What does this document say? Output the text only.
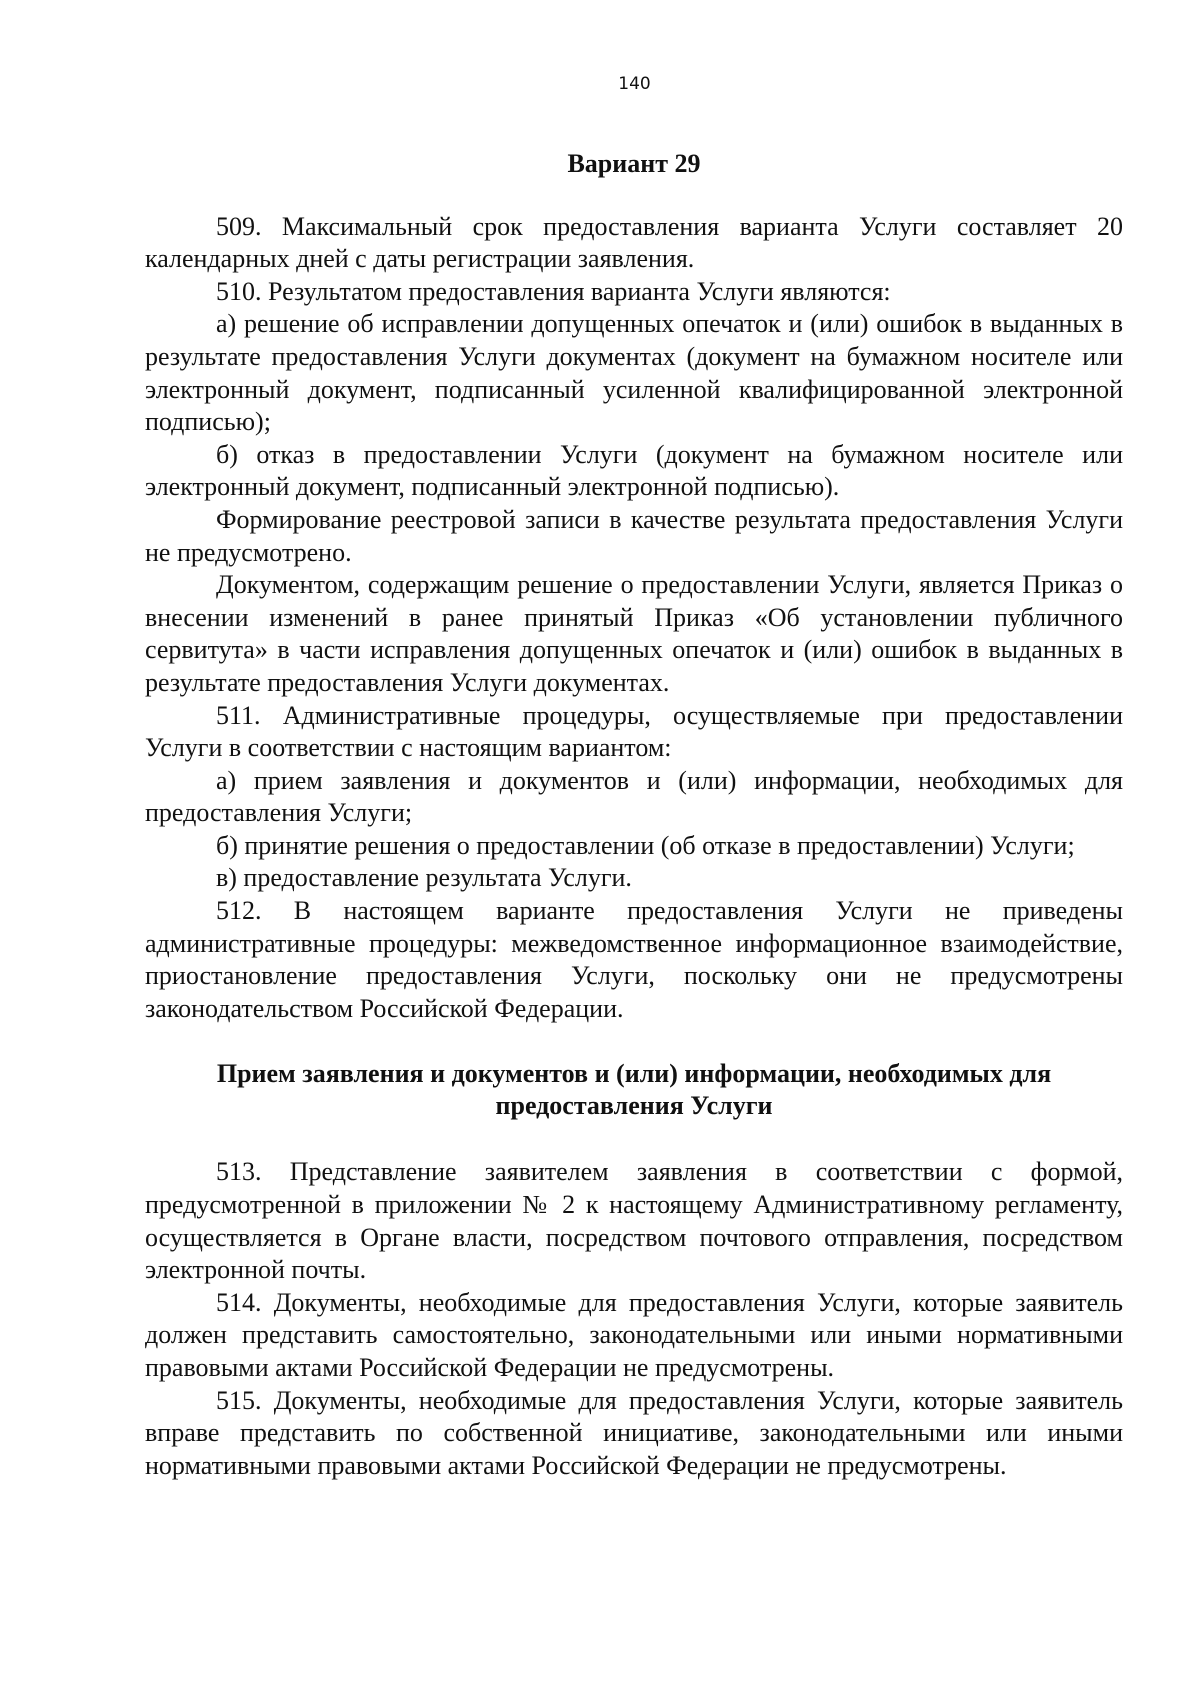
140

Вариант 29

509. Максимальный срок предоставления варианта Услуги составляет 20 календарных дней с даты регистрации заявления.

510. Результатом предоставления варианта Услуги являются:

а) решение об исправлении допущенных опечаток и (или) ошибок в выданных в результате предоставления Услуги документах (документ на бумажном носителе или электронный документ, подписанный усиленной квалифицированной электронной подписью);

б) отказ в предоставлении Услуги (документ на бумажном носителе или электронный документ, подписанный электронной подписью).

Формирование реестровой записи в качестве результата предоставления Услуги не предусмотрено.

Документом, содержащим решение о предоставлении Услуги, является Приказ о внесении изменений в ранее принятый Приказ «Об установлении публичного сервитута» в части исправления допущенных опечаток и (или) ошибок в выданных в результате предоставления Услуги документах.

511. Административные процедуры, осуществляемые при предоставлении Услуги в соответствии с настоящим вариантом:

а) прием заявления и документов и (или) информации, необходимых для предоставления Услуги;

б) принятие решения о предоставлении (об отказе в предоставлении) Услуги;

в) предоставление результата Услуги.

512. В настоящем варианте предоставления Услуги не приведены административные процедуры: межведомственное информационное взаимодействие, приостановление предоставления Услуги, поскольку они не предусмотрены законодательством Российской Федерации.

Прием заявления и документов и (или) информации, необходимых для предоставления Услуги

513. Представление заявителем заявления в соответствии с формой, предусмотренной в приложении № 2 к настоящему Административному регламенту, осуществляется в Органе власти, посредством почтового отправления, посредством электронной почты.

514. Документы, необходимые для предоставления Услуги, которые заявитель должен представить самостоятельно, законодательными или иными нормативными правовыми актами Российской Федерации не предусмотрены.

515. Документы, необходимые для предоставления Услуги, которые заявитель вправе представить по собственной инициативе, законодательными или иными нормативными правовыми актами Российской Федерации не предусмотрены.
